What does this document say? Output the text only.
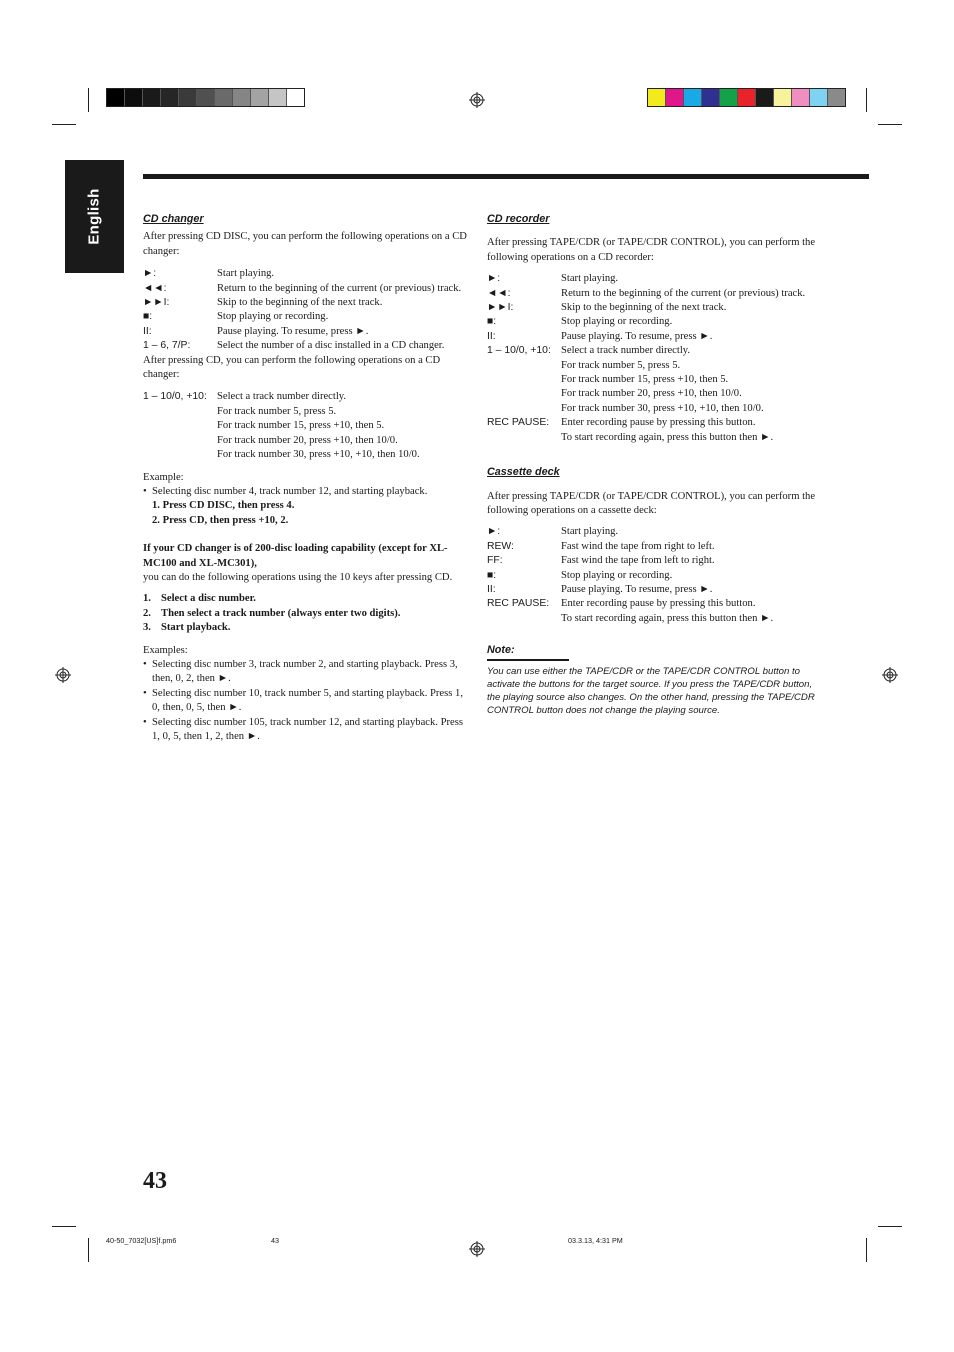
English	CD changer

After pressing CD DISC, you can perform the following operations on a CD changer:

►:	Start playing.
◄◄:	Return to the beginning of the current (or previous) track.
►►I:	Skip to the beginning of the next track.
■:	Stop playing or recording.
II:	Pause playing. To resume, press ►.
1 – 6, 7/P:	Select the number of a disc installed in a CD changer.

After pressing CD, you can perform the following operations on a CD changer:

1 – 10/0, +10: Select a track number directly.
For track number 5, press 5.
For track number 15, press +10, then 5.
For track number 20, press +10, then 10/0.
For track number 30, press +10, +10, then 10/0.

Example:

• Selecting disc number 4, track number 12, and starting playback.
1. Press CD DISC, then press 4.
2. Press CD, then press +10, 2.

If your CD changer is of 200-disc loading capability (except for XL-MC100 and XL-MC301),

you can do the following operations using the 10 keys after pressing CD.

1. Select a disc number.
2. Then select a track number (always enter two digits).
3. Start playback.

Examples:

• Selecting disc number 3, track number 2, and starting playback. Press 3, then, 0, 2, then ►.
• Selecting disc number 10, track number 5, and starting playback. Press 1, 0, then, 0, 5, then ►.
• Selecting disc number 105, track number 12, and starting playback. Press 1, 0, 5, then 1, 2, then ►.
CD recorder

After pressing TAPE/CDR (or TAPE/CDR CONTROL), you can perform the following operations on a CD recorder:

►:	Start playing.
◄◄:	Return to the beginning of the current (or previous) track.
►►I:	Skip to the beginning of the next track.
■:	Stop playing or recording.
II:	Pause playing. To resume, press ►.
1 – 10/0, +10: Select a track number directly.
For track number 5, press 5.
For track number 15, press +10, then 5.
For track number 20, press +10, then 10/0.
For track number 30, press +10, +10, then 10/0.
REC PAUSE:	Enter recording pause by pressing this button.
To start recording again, press this button then ►.
Cassette deck

After pressing TAPE/CDR (or TAPE/CDR CONTROL), you can perform the following operations on a cassette deck:

►:	Start playing.
REW:	Fast wind the tape from right to left.
FF:	Fast wind the tape from left to right.
■:	Stop playing or recording.
II:	Pause playing. To resume, press ►.
REC PAUSE:	Enter recording pause by pressing this button.
To start recording again, press this button then ►.
Note:
You can use either the TAPE/CDR or the TAPE/CDR CONTROL button to activate the buttons for the target source. If you press the TAPE/CDR button, the playing source also changes. On the other hand, pressing the TAPE/CDR CONTROL button does not change the playing source.
43
40-50_7032[US]f.pm6	43	03.3.13, 4:31 PM
